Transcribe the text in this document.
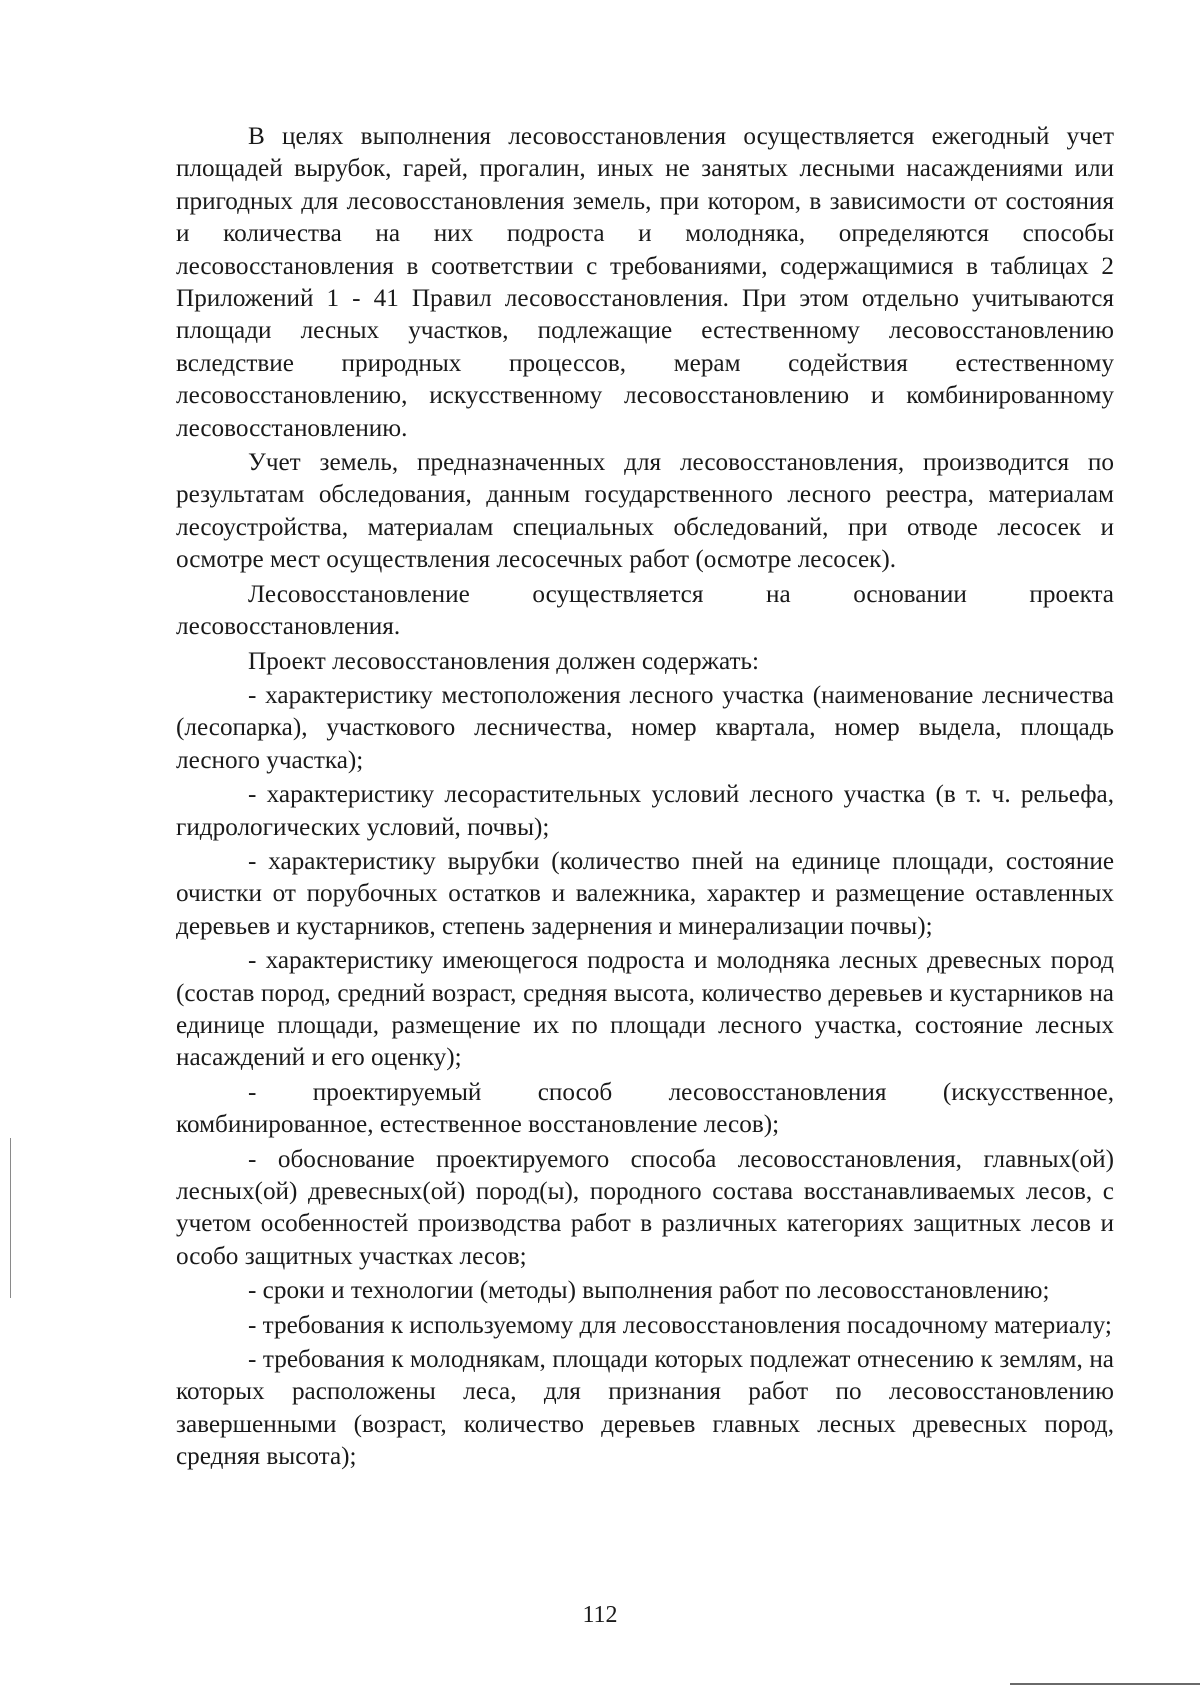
В целях выполнения лесовосстановления осуществляется ежегодный учет площадей вырубок, гарей, прогалин, иных не занятых лесными насаждениями или пригодных для лесовосстановления земель, при котором, в зависимости от состояния и количества на них подроста и молодняка, определяются способы лесовосстановления в соответствии с требованиями, содержащимися в таблицах 2 Приложений 1 - 41 Правил лесовосстановления. При этом отдельно учитываются площади лесных участков, подлежащие естественному лесовосстановлению вследствие природных процессов, мерам содействия естественному лесовосстановлению, искусственному лесовосстановлению и комбинированному лесовосстановлению.

Учет земель, предназначенных для лесовосстановления, производится по результатам обследования, данным государственного лесного реестра, материалам лесоустройства, материалам специальных обследований, при отводе лесосек и осмотре мест осуществления лесосечных работ (осмотре лесосек).

Лесовосстановление осуществляется на основании проекта лесовосстановления.

Проект лесовосстановления должен содержать:

- характеристику местоположения лесного участка (наименование лесничества (лесопарка), участкового лесничества, номер квартала, номер выдела, площадь лесного участка);

- характеристику лесорастительных условий лесного участка (в т. ч. рельефа, гидрологических условий, почвы);

- характеристику вырубки (количество пней на единице площади, состояние очистки от порубочных остатков и валежника, характер и размещение оставленных деревьев и кустарников, степень задернения и минерализации почвы);

- характеристику имеющегося подроста и молодняка лесных древесных пород (состав пород, средний возраст, средняя высота, количество деревьев и кустарников на единице площади, размещение их по площади лесного участка, состояние лесных насаждений и его оценку);

- проектируемый способ лесовосстановления (искусственное, комбинированное, естественное восстановление лесов);

- обоснование проектируемого способа лесовосстановления, главных(ой) лесных(ой) древесных(ой) пород(ы), породного состава восстанавливаемых лесов, с учетом особенностей производства работ в различных категориях защитных лесов и особо защитных участках лесов;

- сроки и технологии (методы) выполнения работ по лесовосстановлению;

- требования к используемому для лесовосстановления посадочному материалу;

- требования к молоднякам, площади которых подлежат отнесению к землям, на которых расположены леса, для признания работ по лесовосстановлению завершенными (возраст, количество деревьев главных лесных древесных пород, средняя высота);

112
